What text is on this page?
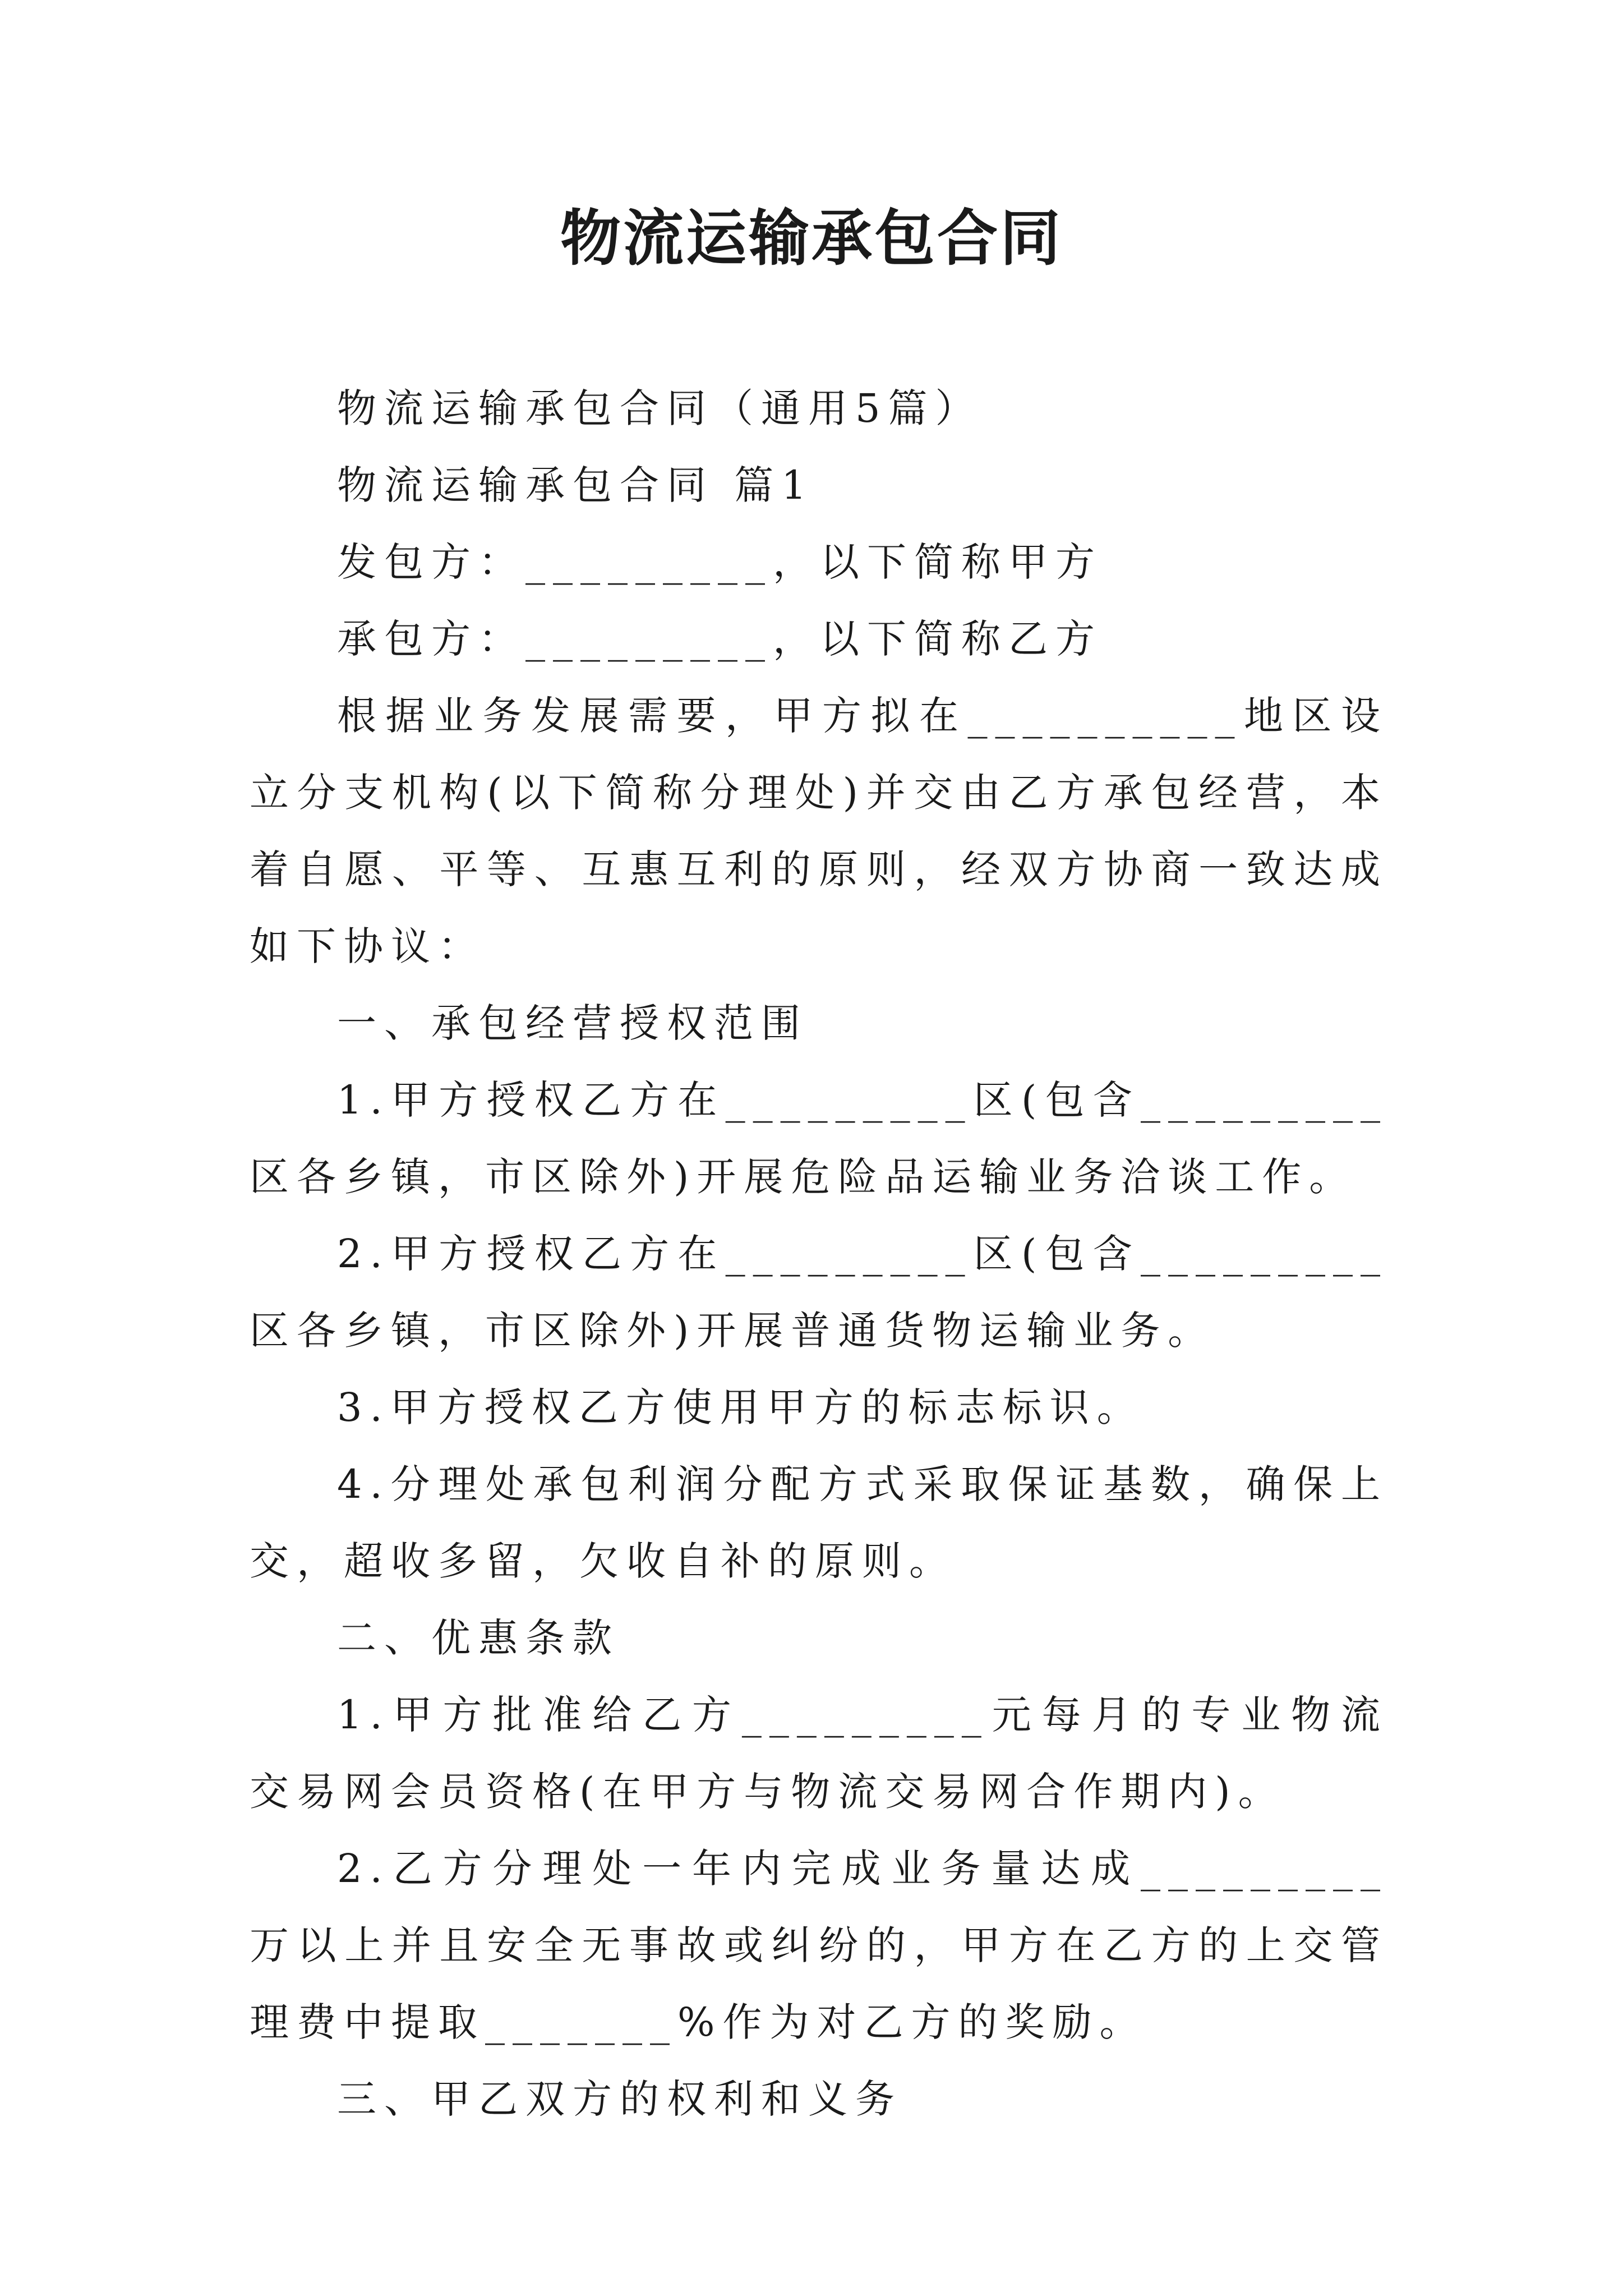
物流运输承包合同

物流运输承包合同（通用5篇）

物流运输承包合同 篇1

发包方：_________，以下简称甲方

承包方：_________，以下简称乙方

根据业务发展需要，甲方拟在__________地区设立分支机构(以下简称分理处)并交由乙方承包经营，本着自愿、平等、互惠互利的原则，经双方协商一致达成如下协议：

一、承包经营授权范围

1.甲方授权乙方在_________区(包含_________区各乡镇，市区除外)开展危险品运输业务洽谈工作。

2.甲方授权乙方在_________区(包含_________区各乡镇，市区除外)开展普通货物运输业务。

3.甲方授权乙方使用甲方的标志标识。

4.分理处承包利润分配方式采取保证基数，确保上交，超收多留，欠收自补的原则。

二、优惠条款

1.甲方批准给乙方_________元每月的专业物流交易网会员资格(在甲方与物流交易网合作期内)。

2.乙方分理处一年内完成业务量达成_________万以上并且安全无事故或纠纷的，甲方在乙方的上交管理费中提取_______%作为对乙方的奖励。

三、甲乙双方的权利和义务
